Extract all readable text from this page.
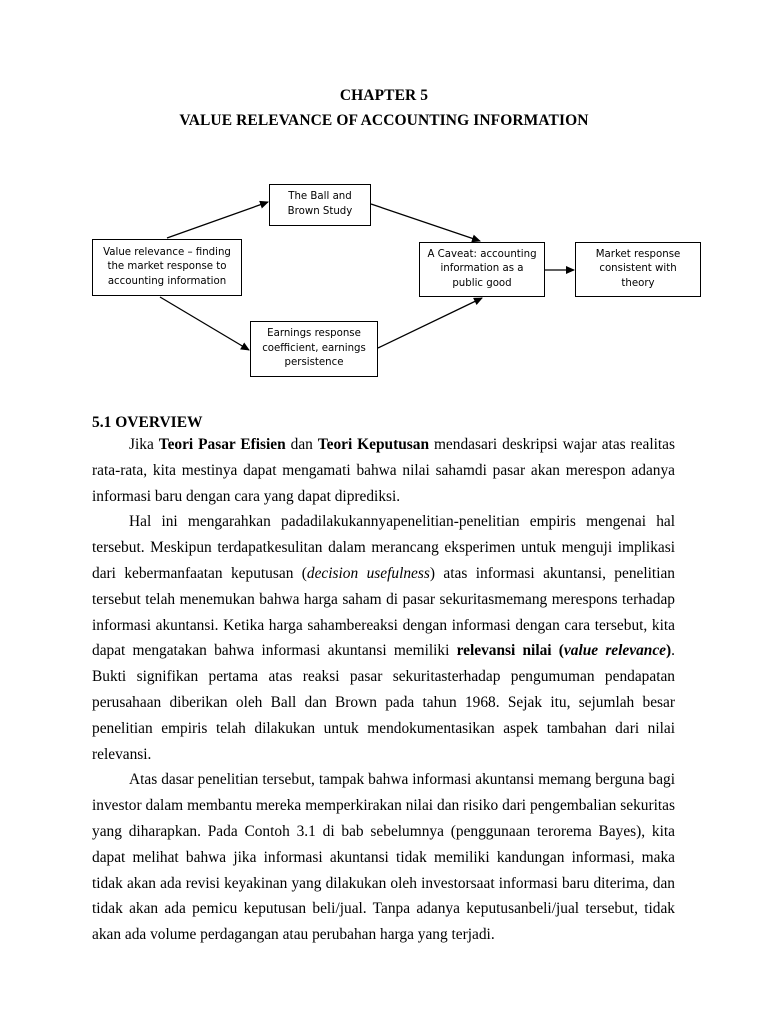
CHAPTER 5
VALUE RELEVANCE OF ACCOUNTING INFORMATION
The Ball and Brown Study
Value relevance – finding the market response to accounting information
A Caveat: accounting information as a public good
Market response consistent with theory
Earnings response coefficient, earnings persistence
5.1 OVERVIEW

Jika Teori Pasar Efisien dan Teori Keputusan mendasari deskripsi wajar atas realitas rata-rata, kita mestinya dapat mengamati bahwa nilai sahamdi pasar akan merespon adanya informasi baru dengan cara yang dapat diprediksi.

Hal ini mengarahkan padadilakukannyapenelitian-penelitian empiris mengenai hal tersebut. Meskipun terdapatkesulitan dalam merancang eksperimen untuk menguji implikasi dari kebermanfaatan keputusan (decision usefulness) atas informasi akuntansi, penelitian tersebut telah menemukan bahwa harga saham di pasar sekuritasmemang merespons terhadap informasi akuntansi. Ketika harga sahambereaksi dengan informasi dengan cara tersebut, kita dapat mengatakan bahwa informasi akuntansi memiliki relevansi nilai (value relevance). Bukti signifikan pertama atas reaksi pasar sekuritasterhadap pengumuman pendapatan perusahaan diberikan oleh Ball dan Brown pada tahun 1968. Sejak itu, sejumlah besar penelitian empiris telah dilakukan untuk mendokumentasikan aspek tambahan dari nilai relevansi.

Atas dasar penelitian tersebut, tampak bahwa informasi akuntansi memang berguna bagi investor dalam membantu mereka memperkirakan nilai dan risiko dari pengembalian sekuritas yang diharapkan. Pada Contoh 3.1 di bab sebelumnya (penggunaan terorema Bayes), kita dapat melihat bahwa jika informasi akuntansi tidak memiliki kandungan informasi, maka tidak akan ada revisi keyakinan yang dilakukan oleh investorsaat informasi baru diterima, dan tidak akan ada pemicu keputusan beli/jual. Tanpa adanya keputusanbeli/jual tersebut, tidak akan ada volume perdagangan atau perubahan harga yang terjadi.
